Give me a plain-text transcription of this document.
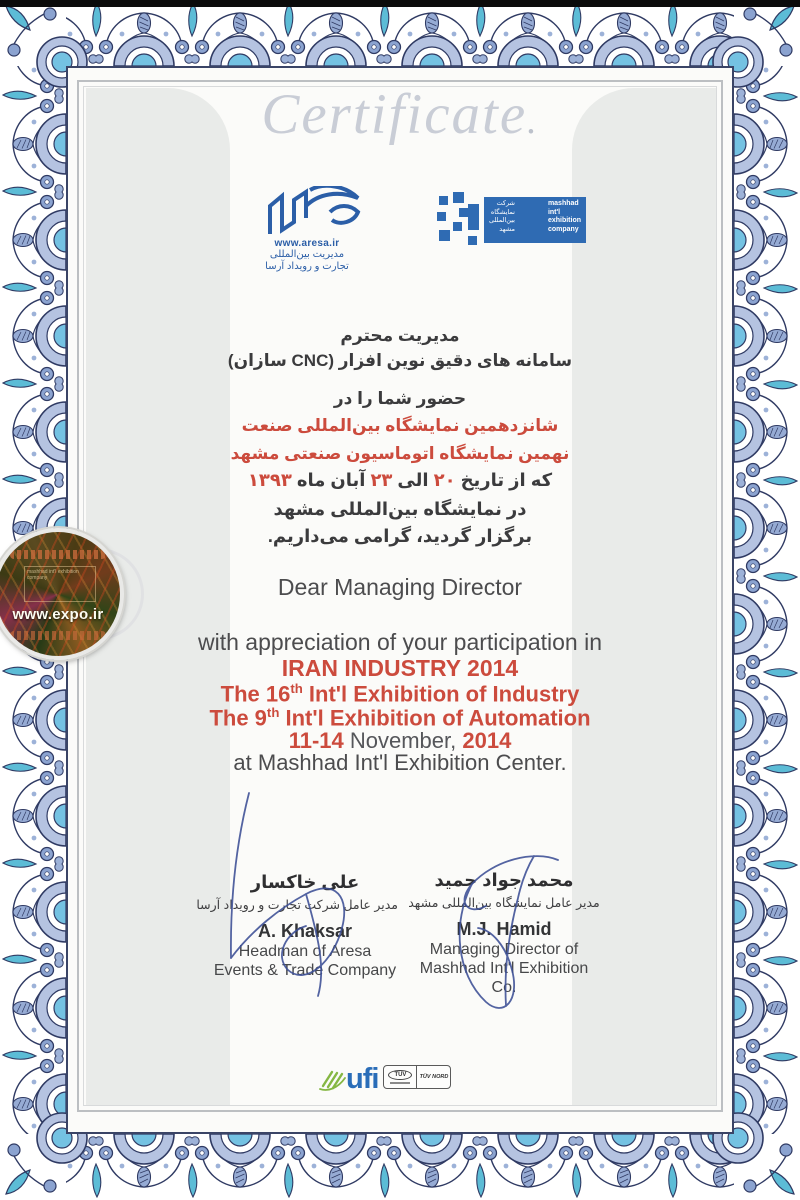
Certificate.
www.aresa.ir
مدیریت بین‌المللی
تجارت و رویداد آرسا
شرکت
نمایشگاه
بین‌المللی
مشهد
mashhad
int'l
exhibition
company
مدیریت محترم
سامانه های دقیق نوین افزار (CNC سازان)
حضور شما را در
شانزدهمین نمایشگاه بین‌المللی صنعت
نهمین نمایشگاه اتوماسیون صنعتی مشهد
که از تاریخ ۲۰ الی ۲۳ آبان ماه ۱۳۹۳
در نمایشگاه بین‌المللی مشهد
برگزار گردید، گرامی می‌داریم.
Dear Managing Director
with appreciation of your participation in
IRAN INDUSTRY 2014
The 16th Int'l Exhibition of Industry
The 9th Int'l Exhibition of Automation
11-14 November, 2014
at Mashhad Int'l Exhibition Center.
علی خاکسار
مدیر عامل شرکت تجارت و رویداد آرسا
A. Khaksar
Headman of Aresa
Events & Trade Company
محمد جواد حمید
مدیر عامل نمایشگاه بین‌المللی مشهد
M.J. Hamid
Managing Director of
Mashhad Int'l Exhibition Co.
mashhad int'l exhibition company
www.expo.ir
ufi	TÜV	TÜV NORD
